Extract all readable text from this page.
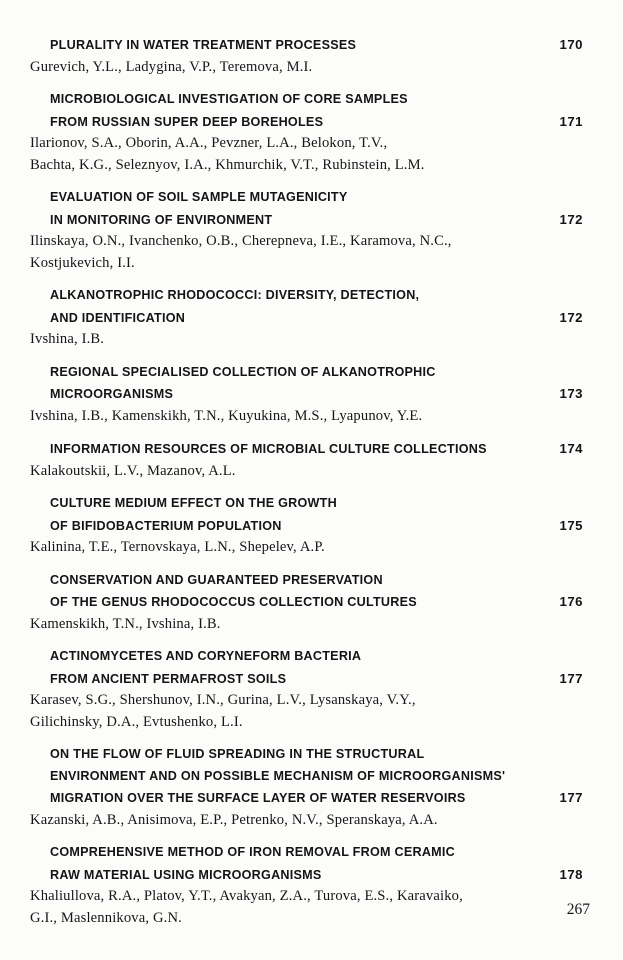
PLURALITY IN WATER TREATMENT PROCESSES	170
Gurevich, Y.L., Ladygina, V.P., Teremova, M.I.
MICROBIOLOGICAL INVESTIGATION OF CORE SAMPLES
FROM RUSSIAN SUPER DEEP BOREHOLES	171
Ilarionov, S.A., Oborin, A.A., Pevzner, L.A., Belokon, T.V.,
Bachta, K.G., Seleznyov, I.A., Khmurchik, V.T., Rubinstein, L.M.
EVALUATION OF SOIL SAMPLE MUTAGENICITY
IN MONITORING OF ENVIRONMENT	172
Ilinskaya, O.N., Ivanchenko, O.B., Cherepneva, I.E., Karamova, N.C.,
Kostjukevich, I.I.
ALKANOTROPHIC RHODOCOCCI: DIVERSITY, DETECTION,
AND IDENTIFICATION	172
Ivshina, I.B.
REGIONAL SPECIALISED COLLECTION OF ALKANOTROPHIC
MICROORGANISMS	173
Ivshina, I.B., Kamenskikh, T.N., Kuyukina, M.S., Lyapunov, Y.E.
INFORMATION RESOURCES OF MICROBIAL CULTURE COLLECTIONS	174
Kalakoutskii, L.V., Mazanov, A.L.
CULTURE MEDIUM EFFECT ON THE GROWTH
OF BIFIDOBACTERIUM POPULATION	175
Kalinina, T.E., Ternovskaya, L.N., Shepelev, A.P.
CONSERVATION AND GUARANTEED PRESERVATION
OF THE GENUS RHODOCOCCUS COLLECTION CULTURES	176
Kamenskikh, T.N., Ivshina, I.B.
ACTINOMYCETES AND CORYNEFORM BACTERIA
FROM ANCIENT PERMAFROST SOILS	177
Karasev, S.G., Shershunov, I.N., Gurina, L.V., Lysanskaya, V.Y.,
Gilichinsky, D.A., Evtushenko, L.I.
ON THE FLOW OF FLUID SPREADING IN THE STRUCTURAL
ENVIRONMENT AND ON POSSIBLE MECHANISM OF MICROORGANISMS'
MIGRATION OVER THE SURFACE LAYER OF WATER RESERVOIRS	177
Kazanski, A.B., Anisimova, E.P., Petrenko, N.V., Speranskaya, A.A.
COMPREHENSIVE METHOD OF IRON REMOVAL FROM CERAMIC
RAW MATERIAL USING MICROORGANISMS	178
Khaliullova, R.A., Platov, Y.T., Avakyan, Z.A., Turova, E.S., Karavaiko,
G.I., Maslennikova, G.N.	267
